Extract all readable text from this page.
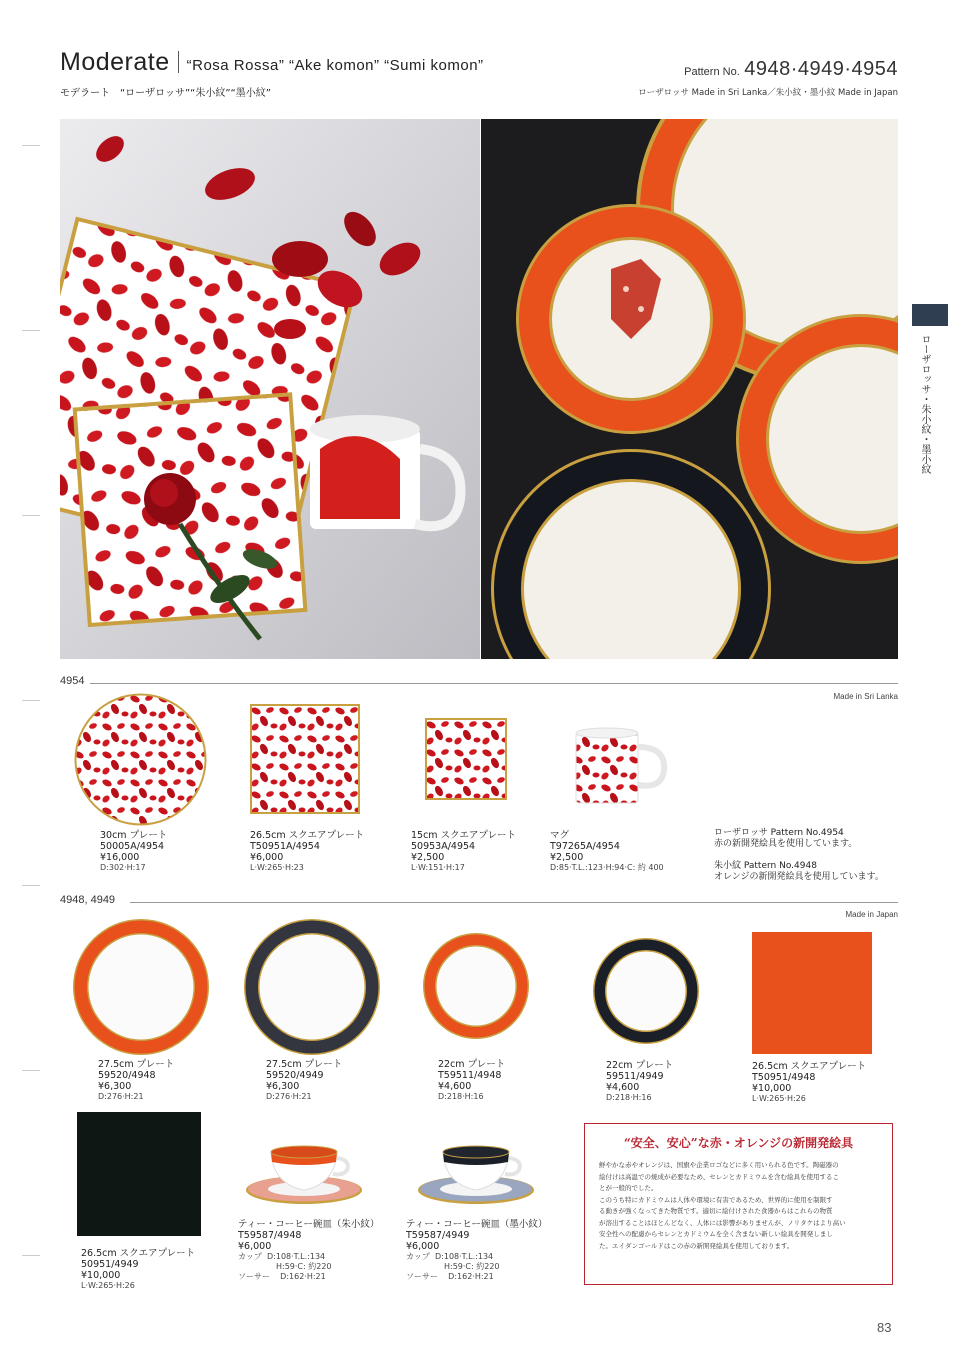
Moderate “Rosa Rossa” “Ake komon” “Sumi komon”
モデラート　“ローザロッサ”“朱小紋”“墨小紋”
Pattern No. 4948·4949·4954
ローザロッサ Made in Sri Lanka／朱小紋・墨小紋 Made in Japan
ローザロッサ・朱小紋・墨小紋
4954
Made in Sri Lanka
30cm プレート
50005A/4954
¥16,000
D:302·H:17
26.5cm スクエアプレート
T50951A/4954
¥6,000
L·W:265·H:23
15cm スクエアプレート
50953A/4954
¥2,500
L·W:151·H:17
マグ
T97265A/4954
¥2,500
D:85·T.L.:123·H:94·C: 約 400
ローザロッサ Pattern No.4954
赤の新開発絵具を使用しています。
朱小紋 Pattern No.4948
オレンジの新開発絵具を使用しています。
4948, 4949
Made in Japan
27.5cm プレート
59520/4948
¥6,300
D:276·H:21
27.5cm プレート
59520/4949
¥6,300
D:276·H:21
22cm プレート
T59511/4948
¥4,600
D:218·H:16
22cm プレート
59511/4949
¥4,600
D:218·H:16
26.5cm スクエアプレート
T50951/4948
¥10,000
L·W:265·H:26
26.5cm スクエアプレート
50951/4949
¥10,000
L·W:265·H:26
ティー・コーヒー碗皿（朱小紋）
T59587/4948
¥6,000
カップ D:108·T.L.:134
H:59·C: 約220
ソーサー D:162·H:21
ティー・コーヒー碗皿（墨小紋）
T59587/4949
¥6,000
カップ D:108·T.L.:134
H:59·C: 約220
ソーサー D:162·H:21
“安全、安心”な赤・オレンジの新開発絵具
鮮やかな赤やオレンジは、国旗や企業ロゴなどに多く用いられる色です。陶磁器の
絵付けは高温での焼成が必要なため、セレンとカドミウムを含む絵具を使用するこ
とが一般的でした。
このうち特にカドミウムは人体や環境に有害であるため、世界的に使用を制限す
る動きが強くなってきた物質です。適切に絵付けされた食器からはこれらの物質
が溶出することはほとんどなく、人体には影響がありませんが、ノリタケはより高い
安全性への配慮からセレンとカドミウムを全く含まない新しい絵具を開発しまし
た。エイダンゴールドはこの赤の新開発絵具を使用しております。
83
